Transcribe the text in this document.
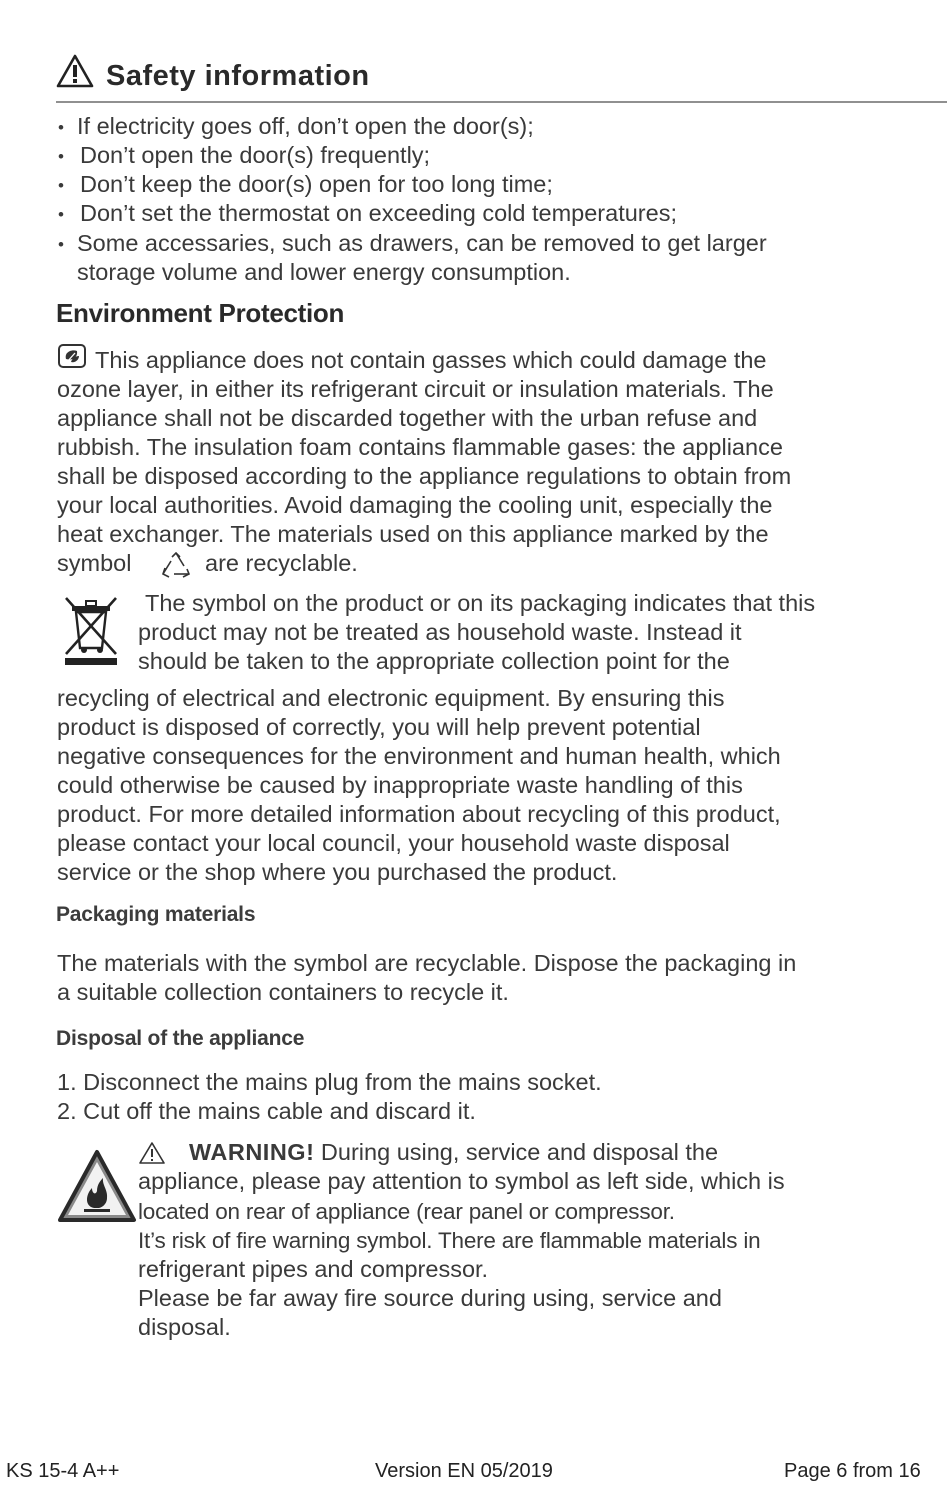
Safety information
• If electricity goes off, don’t open the door(s);
• Don’t open the door(s) frequently;
• Don’t keep the door(s) open for too long time;
• Don’t set the thermostat on exceeding cold temperatures;
• Some accessaries, such as drawers, can be removed to get larger
storage volume and lower energy consumption.
Environment Protection
This appliance does not contain gasses which could damage the
ozone layer, in either its refrigerant circuit or insulation materials. The
appliance shall not be discarded together with the urban refuse and
rubbish. The insulation foam contains flammable gases: the appliance
shall be disposed according to the appliance regulations to obtain from
your local authorities. Avoid damaging the cooling unit, especially the
heat exchanger. The materials used on this appliance marked by the
symbol	are recyclable.
The symbol on the product or on its packaging indicates that this
product may not be treated as household waste. Instead it
should be taken to the appropriate collection point for the
recycling of electrical and electronic equipment. By ensuring this
product is disposed of correctly, you will help prevent potential
negative consequences for the environment and human health, which
could otherwise be caused by inappropriate waste handling of this
product. For more detailed information about recycling of this product,
please contact your local council, your household waste disposal
service or the shop where you purchased the product.
Packaging materials
The materials with the symbol are recyclable. Dispose the packaging in
a suitable collection containers to recycle it.
Disposal of the appliance
1. Disconnect the mains plug from the mains socket.
2. Cut off the mains cable and discard it.
WARNING! During using, service and disposal the
appliance, please pay attention to symbol as left side, which is
located on rear of appliance (rear panel or compressor.
It’s risk of fire warning symbol. There are flammable materials in
refrigerant pipes and compressor.
Please be far away fire source during using, service and
disposal.
KS 15-4 A++	Version EN 05/2019	Page 6 from 16
